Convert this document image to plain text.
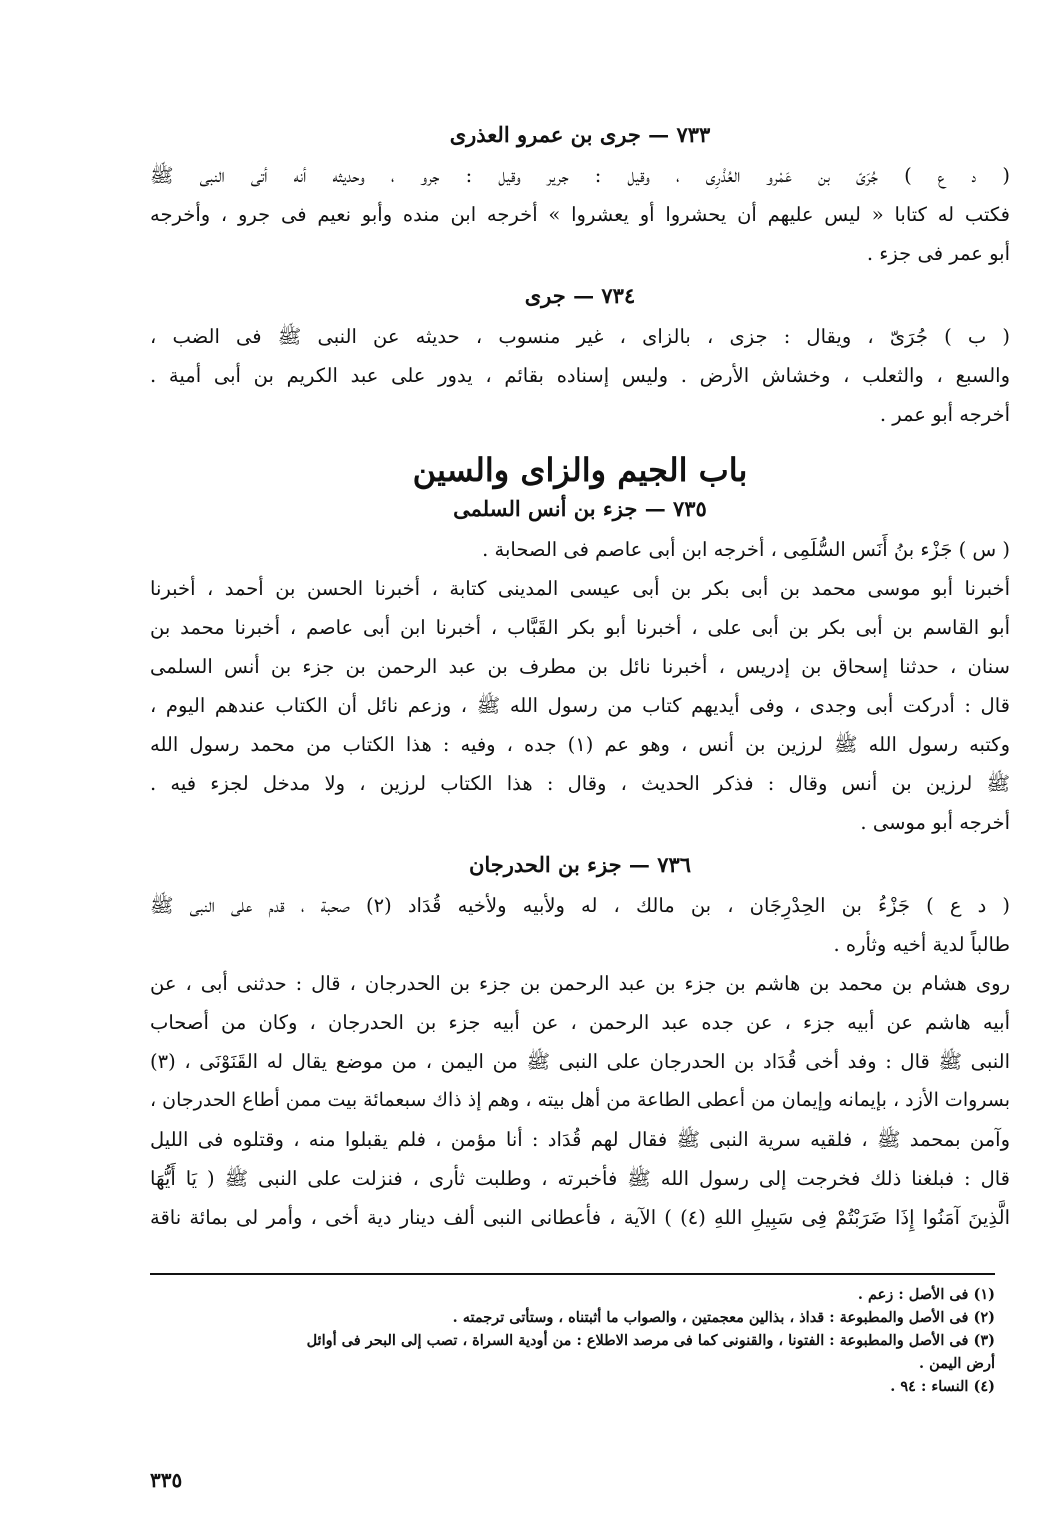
٧٣٣ — جرى بن عمرو العذرى
( د ع ) جُرَىّ بن عَمْرو العُذْرِى ، وقيل : جرير وقيل : جرو ، وحديثه أنه أتى النبى ﷺ
فكتب له كتابا « ليس عليهم أن يحشروا أو يعشروا » أخرجه ابن منده وأبو نعيم فى جرو ، وأخرجه
أبو عمر فى جزء .
٧٣٤ — جرى
( ب ) جُرَىّ ، ويقال : جزى ، بالزاى ، غير منسوب ، حديثه عن النبى ﷺ فى الضب ،
والسبع ، والثعلب ، وخشاش الأرض . وليس إسناده بقائم ، يدور على عبد الكريم بن أبى أمية .
أخرجه أبو عمر .
باب الجيم والزاى والسين
٧٣٥ — جزء بن أنس السلمى
( س ) جَزْء بنُ أَنَس السُّلَمِى ، أخرجه ابن أبى عاصم فى الصحابة .
أخبرنا أبو موسى محمد بن أبى بكر بن أبى عيسى المدينى كتابة ، أخبرنا الحسن بن أحمد ، أخبرنا
أبو القاسم بن أبى بكر بن أبى على ، أخبرنا أبو بكر القَبَّاب ، أخبرنا ابن أبى عاصم ، أخبرنا محمد بن
سنان ، حدثنا إسحاق بن إدريس ، أخبرنا نائل بن مطرف بن عبد الرحمن بن جزء بن أنس السلمى
قال : أدركت أبى وجدى ، وفى أيديهم كتاب من رسول الله ﷺ ، وزعم نائل أن الكتاب عندهم اليوم ،
وكتبه رسول الله ﷺ لرزين بن أنس ، وهو عم (١) جده ، وفيه : هذا الكتاب من محمد رسول الله
ﷺ لرزين بن أنس وقال : فذكر الحديث ، وقال : هذا الكتاب لرزين ، ولا مدخل لجزء فيه .
أخرجه أبو موسى .
٧٣٦ — جزء بن الحدرجان
( د ع ) جَزْءُ بن الحِدْرِجَان ، بن مالك ، له ولأبيه ولأخيه قُدَاد (٢) صحبة ، قدم على النبى ﷺ
طالباً لدية أخيه وثأره .
روى هشام بن محمد بن هاشم بن جزء بن عبد الرحمن بن جزء بن الحدرجان ، قال : حدثنى أبى ، عن
أبيه هاشم عن أبيه جزء ، عن جده عبد الرحمن ، عن أبيه جزء بن الحدرجان ، وكان من أصحاب
النبى ﷺ قال : وفد أخى قُدَاد بن الحدرجان على النبى ﷺ من اليمن ، من موضع يقال له القَنَوْنَى ، (٣)
بسروات الأزد ، بإيمانه وإيمان من أعطى الطاعة من أهل بيته ، وهم إذ ذاك سبعمائة بيت ممن أطاع الحدرجان ،
وآمن بمحمد ﷺ ، فلقيه سرية النبى ﷺ فقال لهم قُدَاد : أنا مؤمن ، فلم يقبلوا منه ، وقتلوه فى الليل
قال : فبلغنا ذلك فخرجت إلى رسول الله ﷺ فأخبرته ، وطلبت ثأرى ، فنزلت على النبى ﷺ ( يَا أَيُّهَا
الَّذِينَ آمَنُوا إِذَا ضَرَبْتُمْ فِى سَبِيلِ اللهِ (٤) ) الآية ، فأعطانى النبى ألف دينار دية أخى ، وأمر لى بمائة ناقة
(١) فى الأصل : زعم .
(٢) فى الأصل والمطبوعة : قداذ ، بذالين معجمتين ، والصواب ما أثبتناه ، وستأتى ترجمته .
(٣) فى الأصل والمطبوعة : الفتونا ، والقنونى كما فى مرصد الاطلاع : من أودية السراة ، تصب إلى البحر فى أوائل
أرض اليمن .
(٤) النساء : ٩٤ .
٣٣٥
